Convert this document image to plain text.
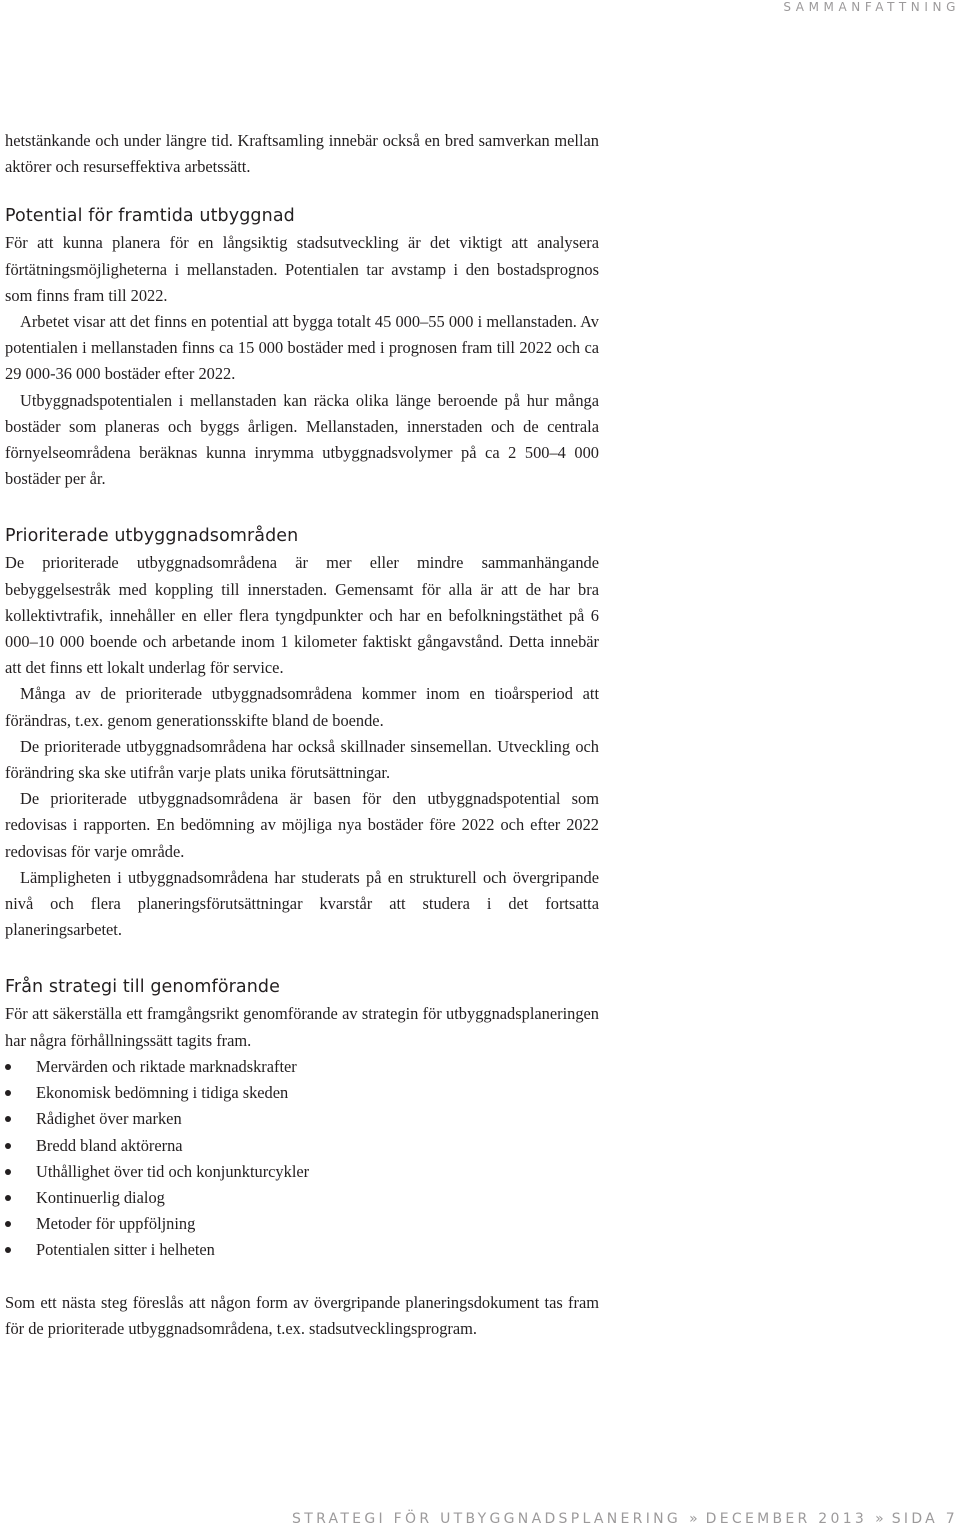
SAMMANFATTNING

hetstänkande och under längre tid. Kraftsamling innebär också en bred samverkan mellan aktörer och resurseffektiva arbetssätt.

Potential för framtida utbyggnad

För att kunna planera för en långsiktig stadsutveckling är det viktigt att analysera förtätningsmöjligheterna i mellanstaden. Potentialen tar avstamp i den bostadsprognos som finns fram till 2022.

Arbetet visar att det finns en potential att bygga totalt 45 000–55 000 i mellanstaden. Av potentialen i mellanstaden finns ca 15 000 bostäder med i prognosen fram till 2022 och ca 29 000-36 000 bostäder efter 2022.

Utbyggnadspotentialen i mellanstaden kan räcka olika länge beroende på hur många bostäder som planeras och byggs årligen. Mellanstaden, innerstaden och de centrala förnyelseområdena beräknas kunna inrymma utbyggnadsvolymer på ca 2 500–4 000 bostäder per år.

Prioriterade utbyggnadsområden

De prioriterade utbyggnadsområdena är mer eller mindre sammanhängande bebyggelsestråk med koppling till innerstaden. Gemensamt för alla är att de har bra kollektivtrafik, innehåller en eller flera tyngdpunkter och har en befolkningstäthet på 6 000–10 000 boende och arbetande inom 1 kilometer faktiskt gångavstånd. Detta innebär att det finns ett lokalt underlag för service.

Många av de prioriterade utbyggnadsområdena kommer inom en tioårsperiod att förändras, t.ex. genom generationsskifte bland de boende.

De prioriterade utbyggnadsområdena har också skillnader sinsemellan. Utveckling och förändring ska ske utifrån varje plats unika förutsättningar.

De prioriterade utbyggnadsområdena är basen för den utbyggnadspotential som redovisas i rapporten. En bedömning av möjliga nya bostäder före 2022 och efter 2022 redovisas för varje område.

Lämpligheten i utbyggnadsområdena har studerats på en strukturell och övergripande nivå och flera planeringsförutsättningar kvarstår att studera i det fortsatta planeringsarbetet.

Från strategi till genomförande

För att säkerställa ett framgångsrikt genomförande av strategin för utbyggnadsplaneringen har några förhållningssätt tagits fram.

Mervärden och riktade marknadskrafter
Ekonomisk bedömning i tidiga skeden
Rådighet över marken
Bredd bland aktörerna
Uthållighet över tid och konjunkturcykler
Kontinuerlig dialog
Metoder för uppföljning
Potentialen sitter i helheten

Som ett nästa steg föreslås att någon form av övergripande planeringsdokument tas fram för de prioriterade utbyggnadsområdena, t.ex. stadsutvecklingsprogram.

STRATEGI FÖR UTBYGGNADSPLANERING » DECEMBER 2013 » SIDA 7
